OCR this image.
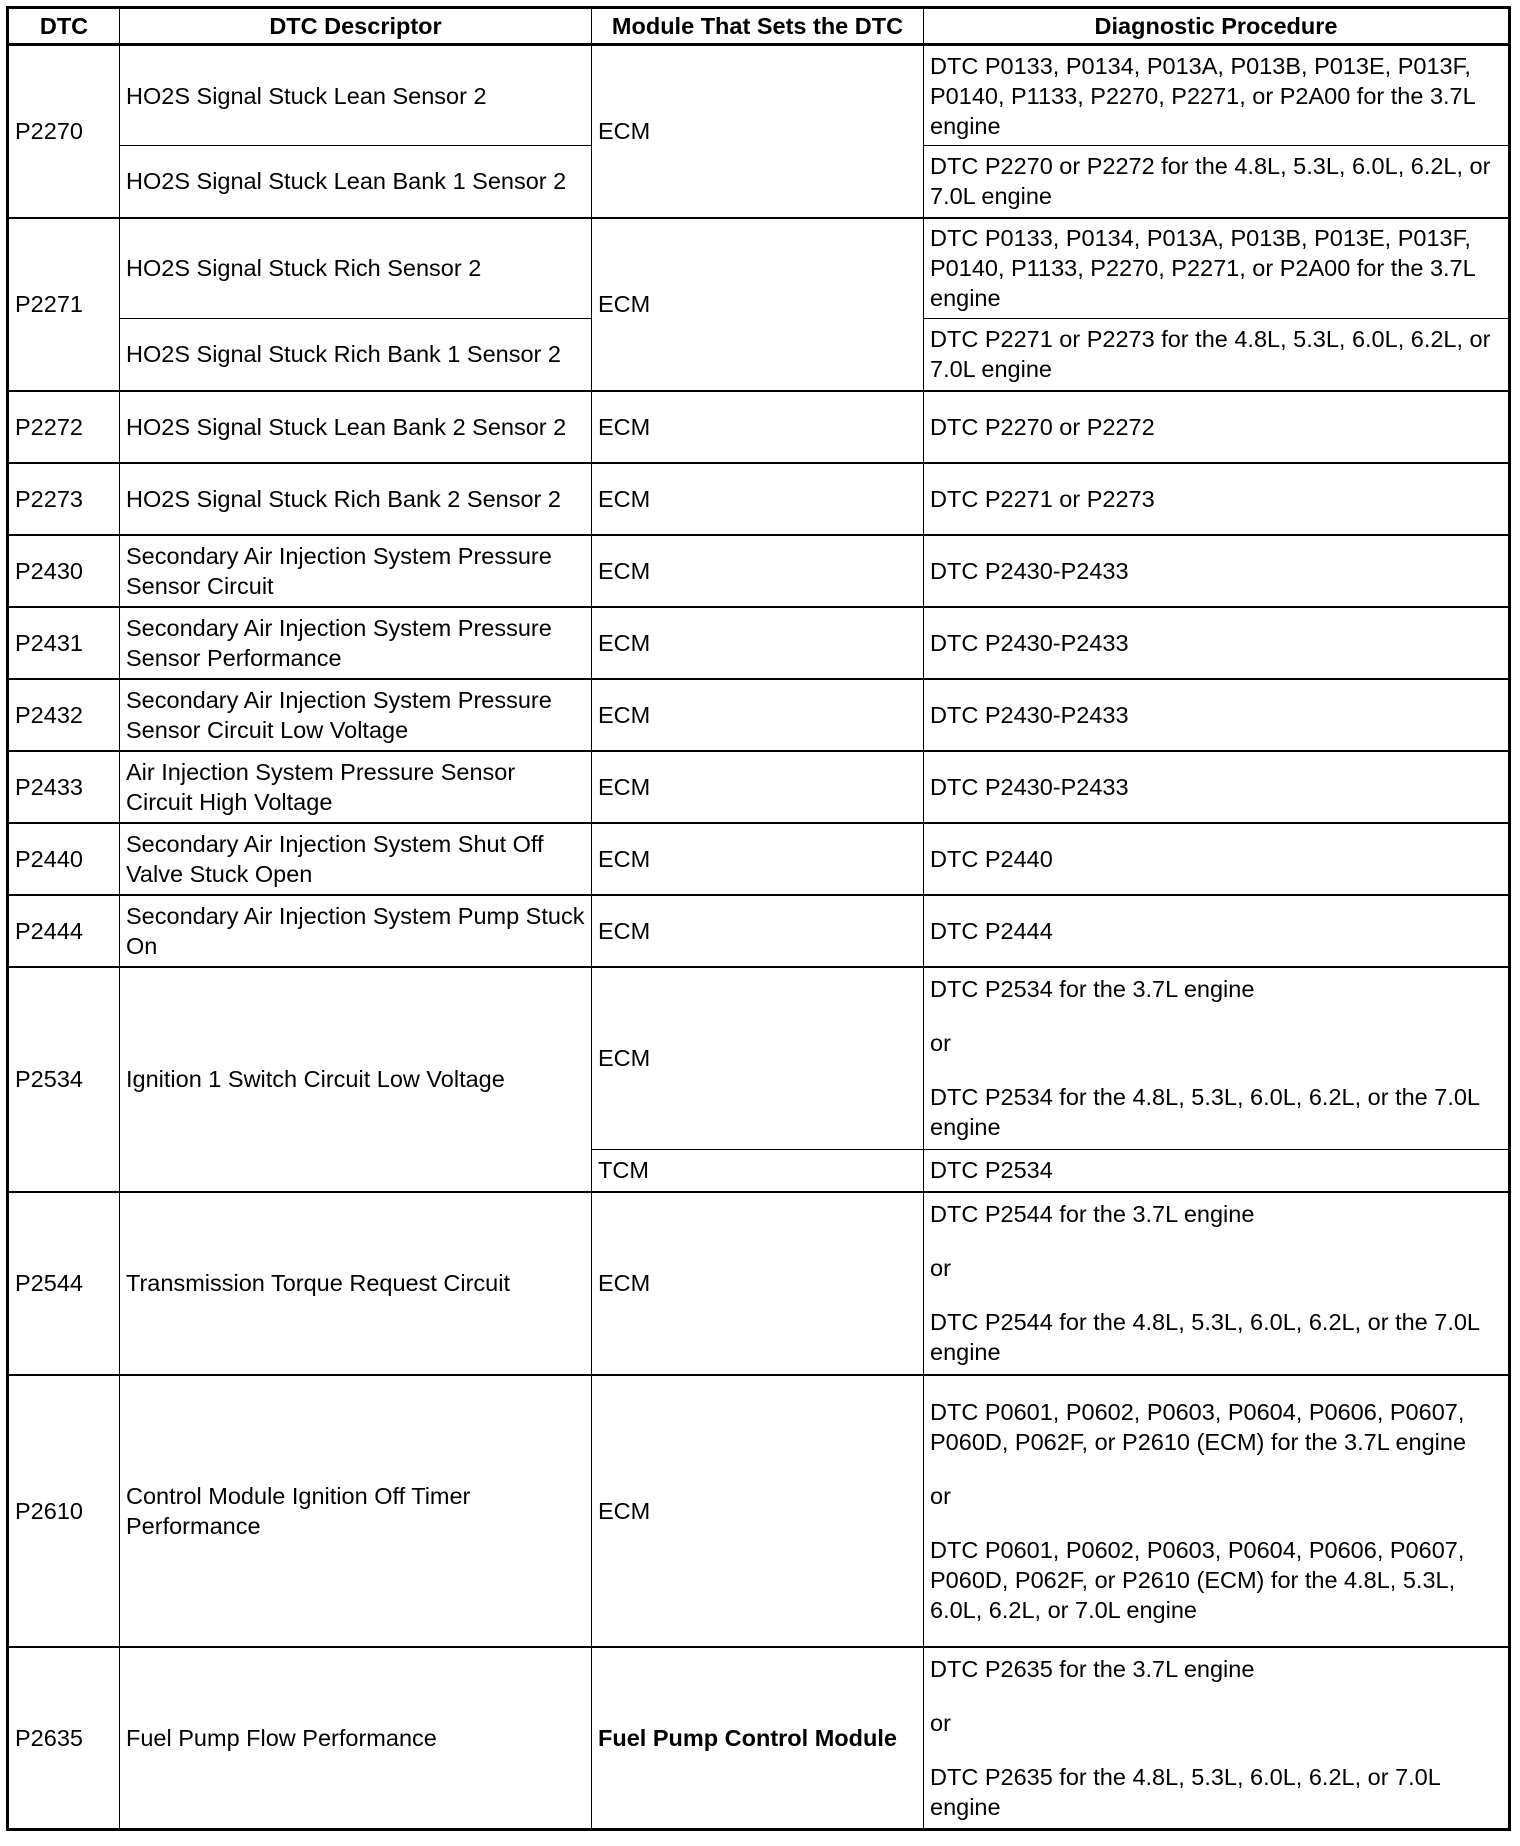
DTC	DTC Descriptor	Module That Sets the DTC	Diagnostic Procedure
P2270	HO2S Signal Stuck Lean Sensor 2	ECM	DTC P0133, P0134, P013A, P013B, P013E, P013F, P0140, P1133, P2270, P2271, or P2A00 for the 3.7L engine

	HO2S Signal Stuck Lean Bank 1 Sensor 2		DTC P2270 or P2272 for the 4.8L, 5.3L, 6.0L, 6.2L, or 7.0L engine

P2271	HO2S Signal Stuck Rich Sensor 2	ECM	DTC P0133, P0134, P013A, P013B, P013E, P013F, P0140, P1133, P2270, P2271, or P2A00 for the 3.7L engine

	HO2S Signal Stuck Rich Bank 1 Sensor 2		DTC P2271 or P2273 for the 4.8L, 5.3L, 6.0L, 6.2L, or 7.0L engine

P2272	HO2S Signal Stuck Lean Bank 2 Sensor 2	ECM	DTC P2270 or P2272

P2273	HO2S Signal Stuck Rich Bank 2 Sensor 2	ECM	DTC P2271 or P2273

P2430	Secondary Air Injection System Pressure Sensor Circuit	ECM	DTC P2430-P2433

P2431	Secondary Air Injection System Pressure Sensor Performance	ECM	DTC P2430-P2433

P2432	Secondary Air Injection System Pressure Sensor Circuit Low Voltage	ECM	DTC P2430-P2433

P2433	Air Injection System Pressure Sensor Circuit High Voltage	ECM	DTC P2430-P2433

P2440	Secondary Air Injection System Shut Off Valve Stuck Open	ECM	DTC P2440

P2444	Secondary Air Injection System Pump Stuck On	ECM	DTC P2444

P2534	Ignition 1 Switch Circuit Low Voltage	ECM	DTC P2534 for the 3.7L engine

or

DTC P2534 for the 4.8L, 5.3L, 6.0L, 6.2L, or the 7.0L engine

		TCM	DTC P2534

P2544	Transmission Torque Request Circuit	ECM	DTC P2544 for the 3.7L engine

or

DTC P2544 for the 4.8L, 5.3L, 6.0L, 6.2L, or the 7.0L engine

P2610	Control Module Ignition Off Timer Performance	ECM	DTC P0601, P0602, P0603, P0604, P0606, P0607, P060D, P062F, or P2610 (ECM) for the 3.7L engine

or

DTC P0601, P0602, P0603, P0604, P0606, P0607, P060D, P062F, or P2610 (ECM) for the 4.8L, 5.3L, 6.0L, 6.2L, or 7.0L engine

P2635	Fuel Pump Flow Performance	Fuel Pump Control Module	DTC P2635 for the 3.7L engine

or

DTC P2635 for the 4.8L, 5.3L, 6.0L, 6.2L, or 7.0L engine
